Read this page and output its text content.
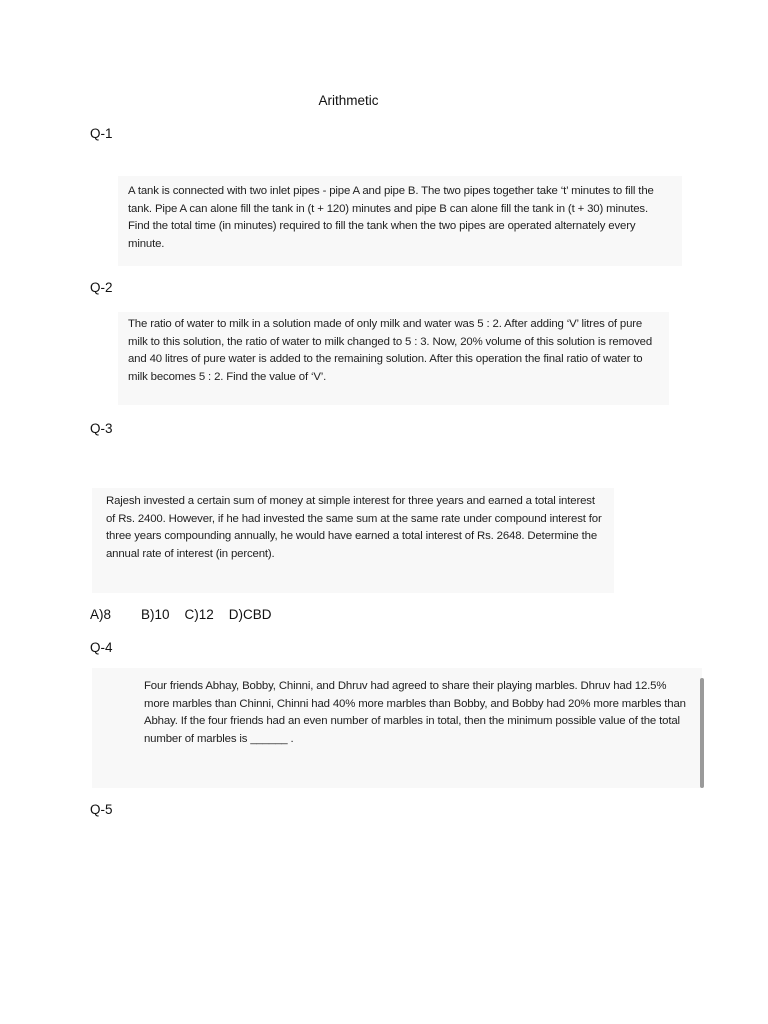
Arithmetic
Q-1

A tank is connected with two inlet pipes - pipe A and pipe B. The two pipes together take ‘t’ minutes to fill the tank. Pipe A can alone fill the tank in (t + 120) minutes and pipe B can alone fill the tank in (t + 30) minutes. Find the total time (in minutes) required to fill the tank when the two pipes are operated alternately every minute.

Q-2

The ratio of water to milk in a solution made of only milk and water was 5 : 2. After adding ‘V’ litres of pure milk to this solution, the ratio of water to milk changed to 5 : 3. Now, 20% volume of this solution is removed and 40 litres of pure water is added to the remaining solution. After this operation the final ratio of water to milk becomes 5 : 2. Find the value of ‘V’.

Q-3

Rajesh invested a certain sum of money at simple interest for three years and earned a total interest of Rs. 2400. However, if he had invested the same sum at the same rate under compound interest for three years compounding annually, he would have earned a total interest of Rs. 2648. Determine the annual rate of interest (in percent).

A)8        B)10    C)12    D)CBD
Q-4

Four friends Abhay, Bobby, Chinni, and Dhruv had agreed to share their playing marbles. Dhruv had 12.5% more marbles than Chinni, Chinni had 40% more marbles than Bobby, and Bobby had 20% more marbles than Abhay. If the four friends had an even number of marbles in total, then the minimum possible value of the total number of marbles is ______ .

Q-5
